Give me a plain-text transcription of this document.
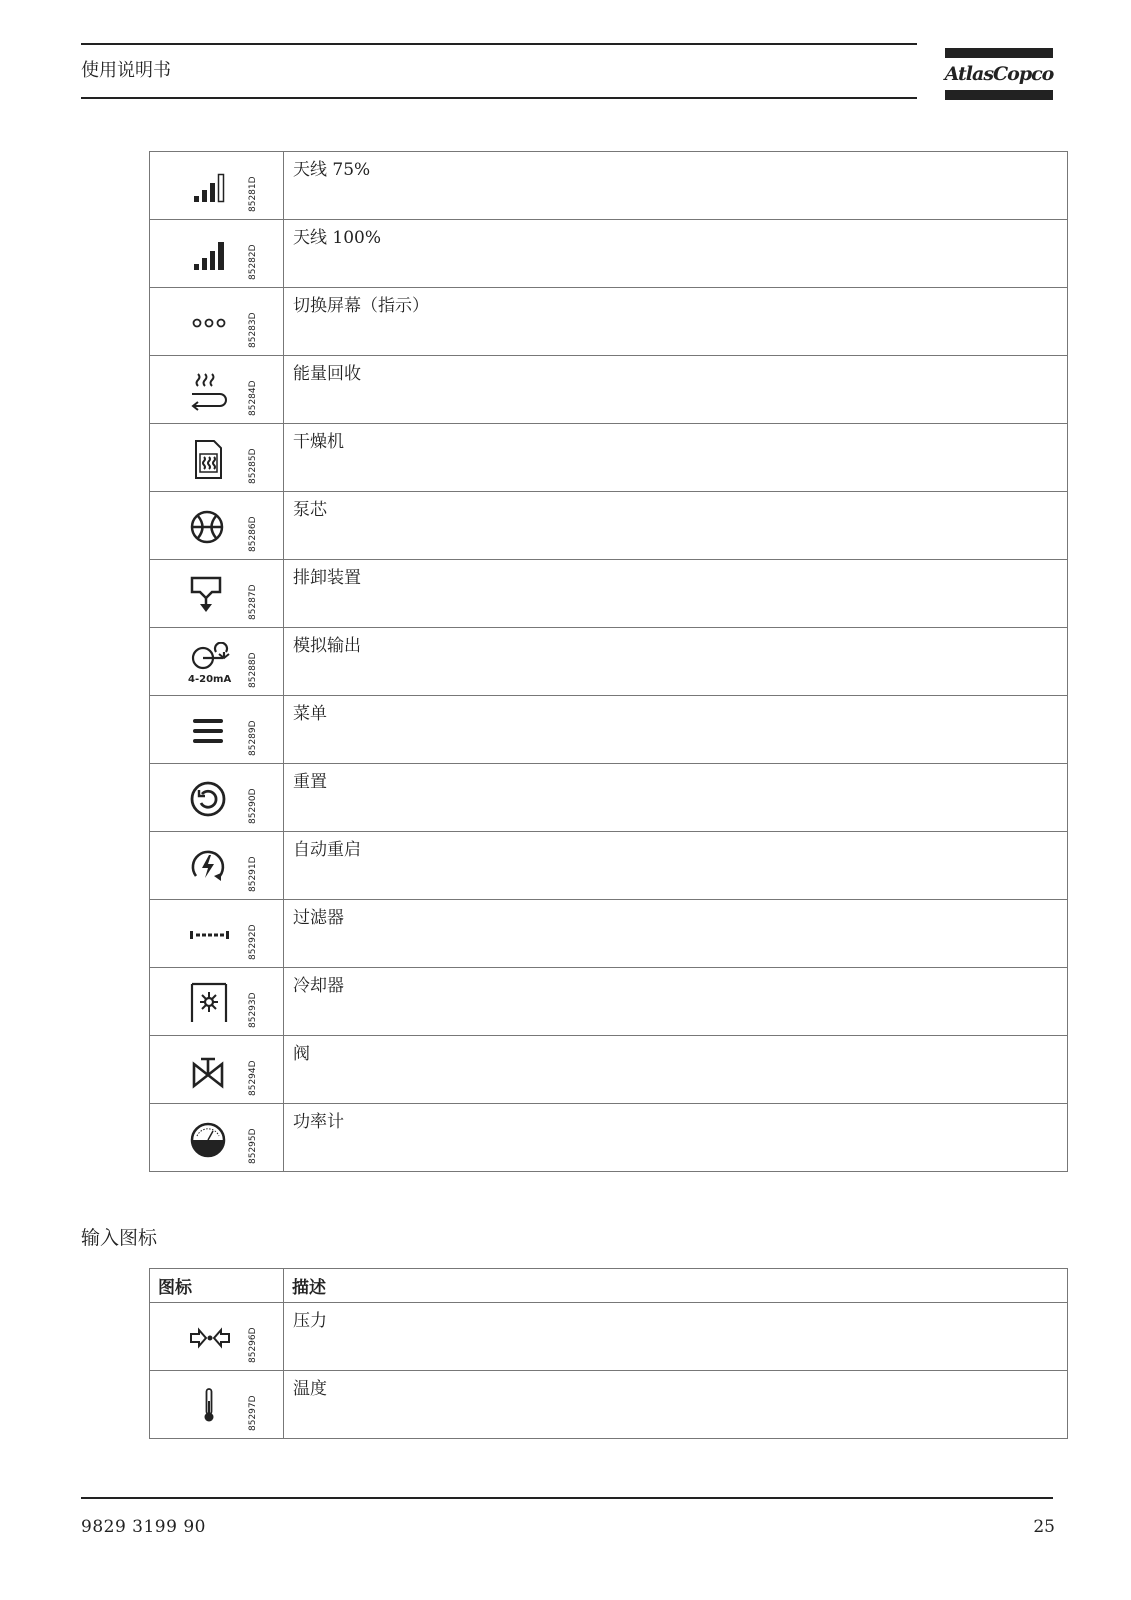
使用说明书	AtlasCopco
85281D	天线 75%

85282D	天线 100%

85283D	切换屏幕（指示）

85284D	能量回收

85285D	干燥机

85286D	泵芯

85287D	排卸装置

4-20mA 85288D	模拟输出

85289D	菜单

85290D	重置

85291D	自动重启

85292D	过滤器

85293D	冷却器

85294D	阀

85295D	功率计
输入图标
图标	描述

85296D	压力

85297D	温度
9829 3199 90	25
